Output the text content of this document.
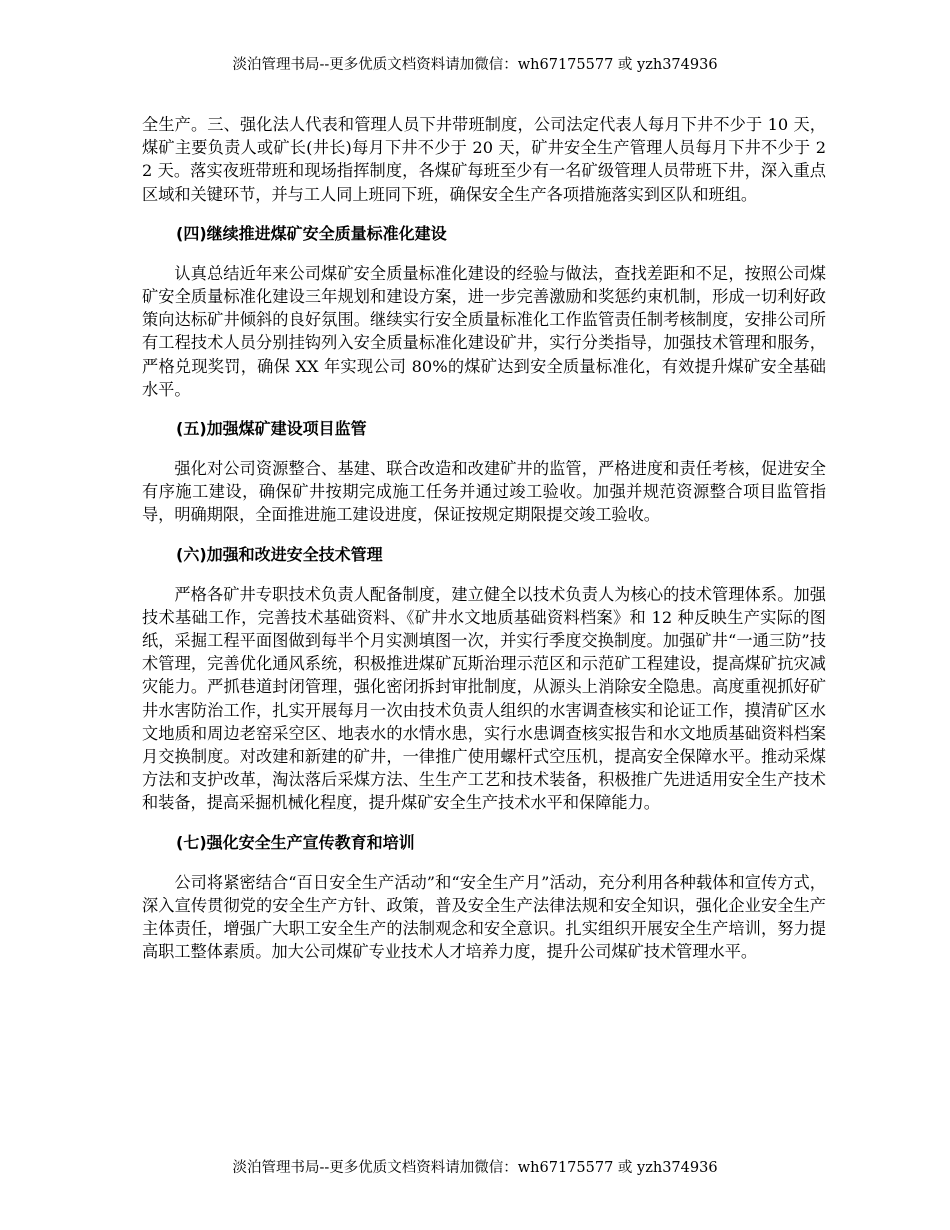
淡泊管理书局--更多优质文档资料请加微信：wh67175577 或 yzh374936

全生产。三、强化法人代表和管理人员下井带班制度，公司法定代表人每月下井不少于 10 天，煤矿主要负责人或矿长(井长)每月下井不少于 20 天，矿井安全生产管理人员每月下井不少于 22 天。落实夜班带班和现场指挥制度，各煤矿每班至少有一名矿级管理人员带班下井，深入重点区域和关键环节，并与工人同上班同下班，确保安全生产各项措施落实到区队和班组。

(四)继续推进煤矿安全质量标准化建设

认真总结近年来公司煤矿安全质量标准化建设的经验与做法，查找差距和不足，按照公司煤矿安全质量标准化建设三年规划和建设方案，进一步完善激励和奖惩约束机制，形成一切利好政策向达标矿井倾斜的良好氛围。继续实行安全质量标准化工作监管责任制考核制度，安排公司所有工程技术人员分别挂钩列入安全质量标准化建设矿井，实行分类指导，加强技术管理和服务，严格兑现奖罚，确保 XX 年实现公司 80%的煤矿达到安全质量标准化，有效提升煤矿安全基础水平。

(五)加强煤矿建设项目监管

强化对公司资源整合、基建、联合改造和改建矿井的监管，严格进度和责任考核，促进安全有序施工建设，确保矿井按期完成施工任务并通过竣工验收。加强并规范资源整合项目监管指导，明确期限，全面推进施工建设进度，保证按规定期限提交竣工验收。

(六)加强和改进安全技术管理

严格各矿井专职技术负责人配备制度，建立健全以技术负责人为核心的技术管理体系。加强技术基础工作，完善技术基础资料、《矿井水文地质基础资料档案》和 12 种反映生产实际的图纸，采掘工程平面图做到每半个月实测填图一次，并实行季度交换制度。加强矿井“一通三防”技术管理，完善优化通风系统，积极推进煤矿瓦斯治理示范区和示范矿工程建设，提高煤矿抗灾减灾能力。严抓巷道封闭管理，强化密闭拆封审批制度，从源头上消除安全隐患。高度重视抓好矿井水害防治工作，扎实开展每月一次由技术负责人组织的水害调查核实和论证工作，摸清矿区水文地质和周边老窑采空区、地表水的水情水患，实行水患调查核实报告和水文地质基础资料档案月交换制度。对改建和新建的矿井，一律推广使用螺杆式空压机，提高安全保障水平。推动采煤方法和支护改革，淘汰落后采煤方法、生生产工艺和技术装备，积极推广先进适用安全生产技术和装备，提高采掘机械化程度，提升煤矿安全生产技术水平和保障能力。

(七)强化安全生产宣传教育和培训

公司将紧密结合“百日安全生产活动”和“安全生产月”活动，充分利用各种载体和宣传方式，深入宣传贯彻党的安全生产方针、政策，普及安全生产法律法规和安全知识，强化企业安全生产主体责任，增强广大职工安全生产的法制观念和安全意识。扎实组织开展安全生产培训，努力提高职工整体素质。加大公司煤矿专业技术人才培养力度，提升公司煤矿技术管理水平。

淡泊管理书局--更多优质文档资料请加微信：wh67175577 或 yzh374936
